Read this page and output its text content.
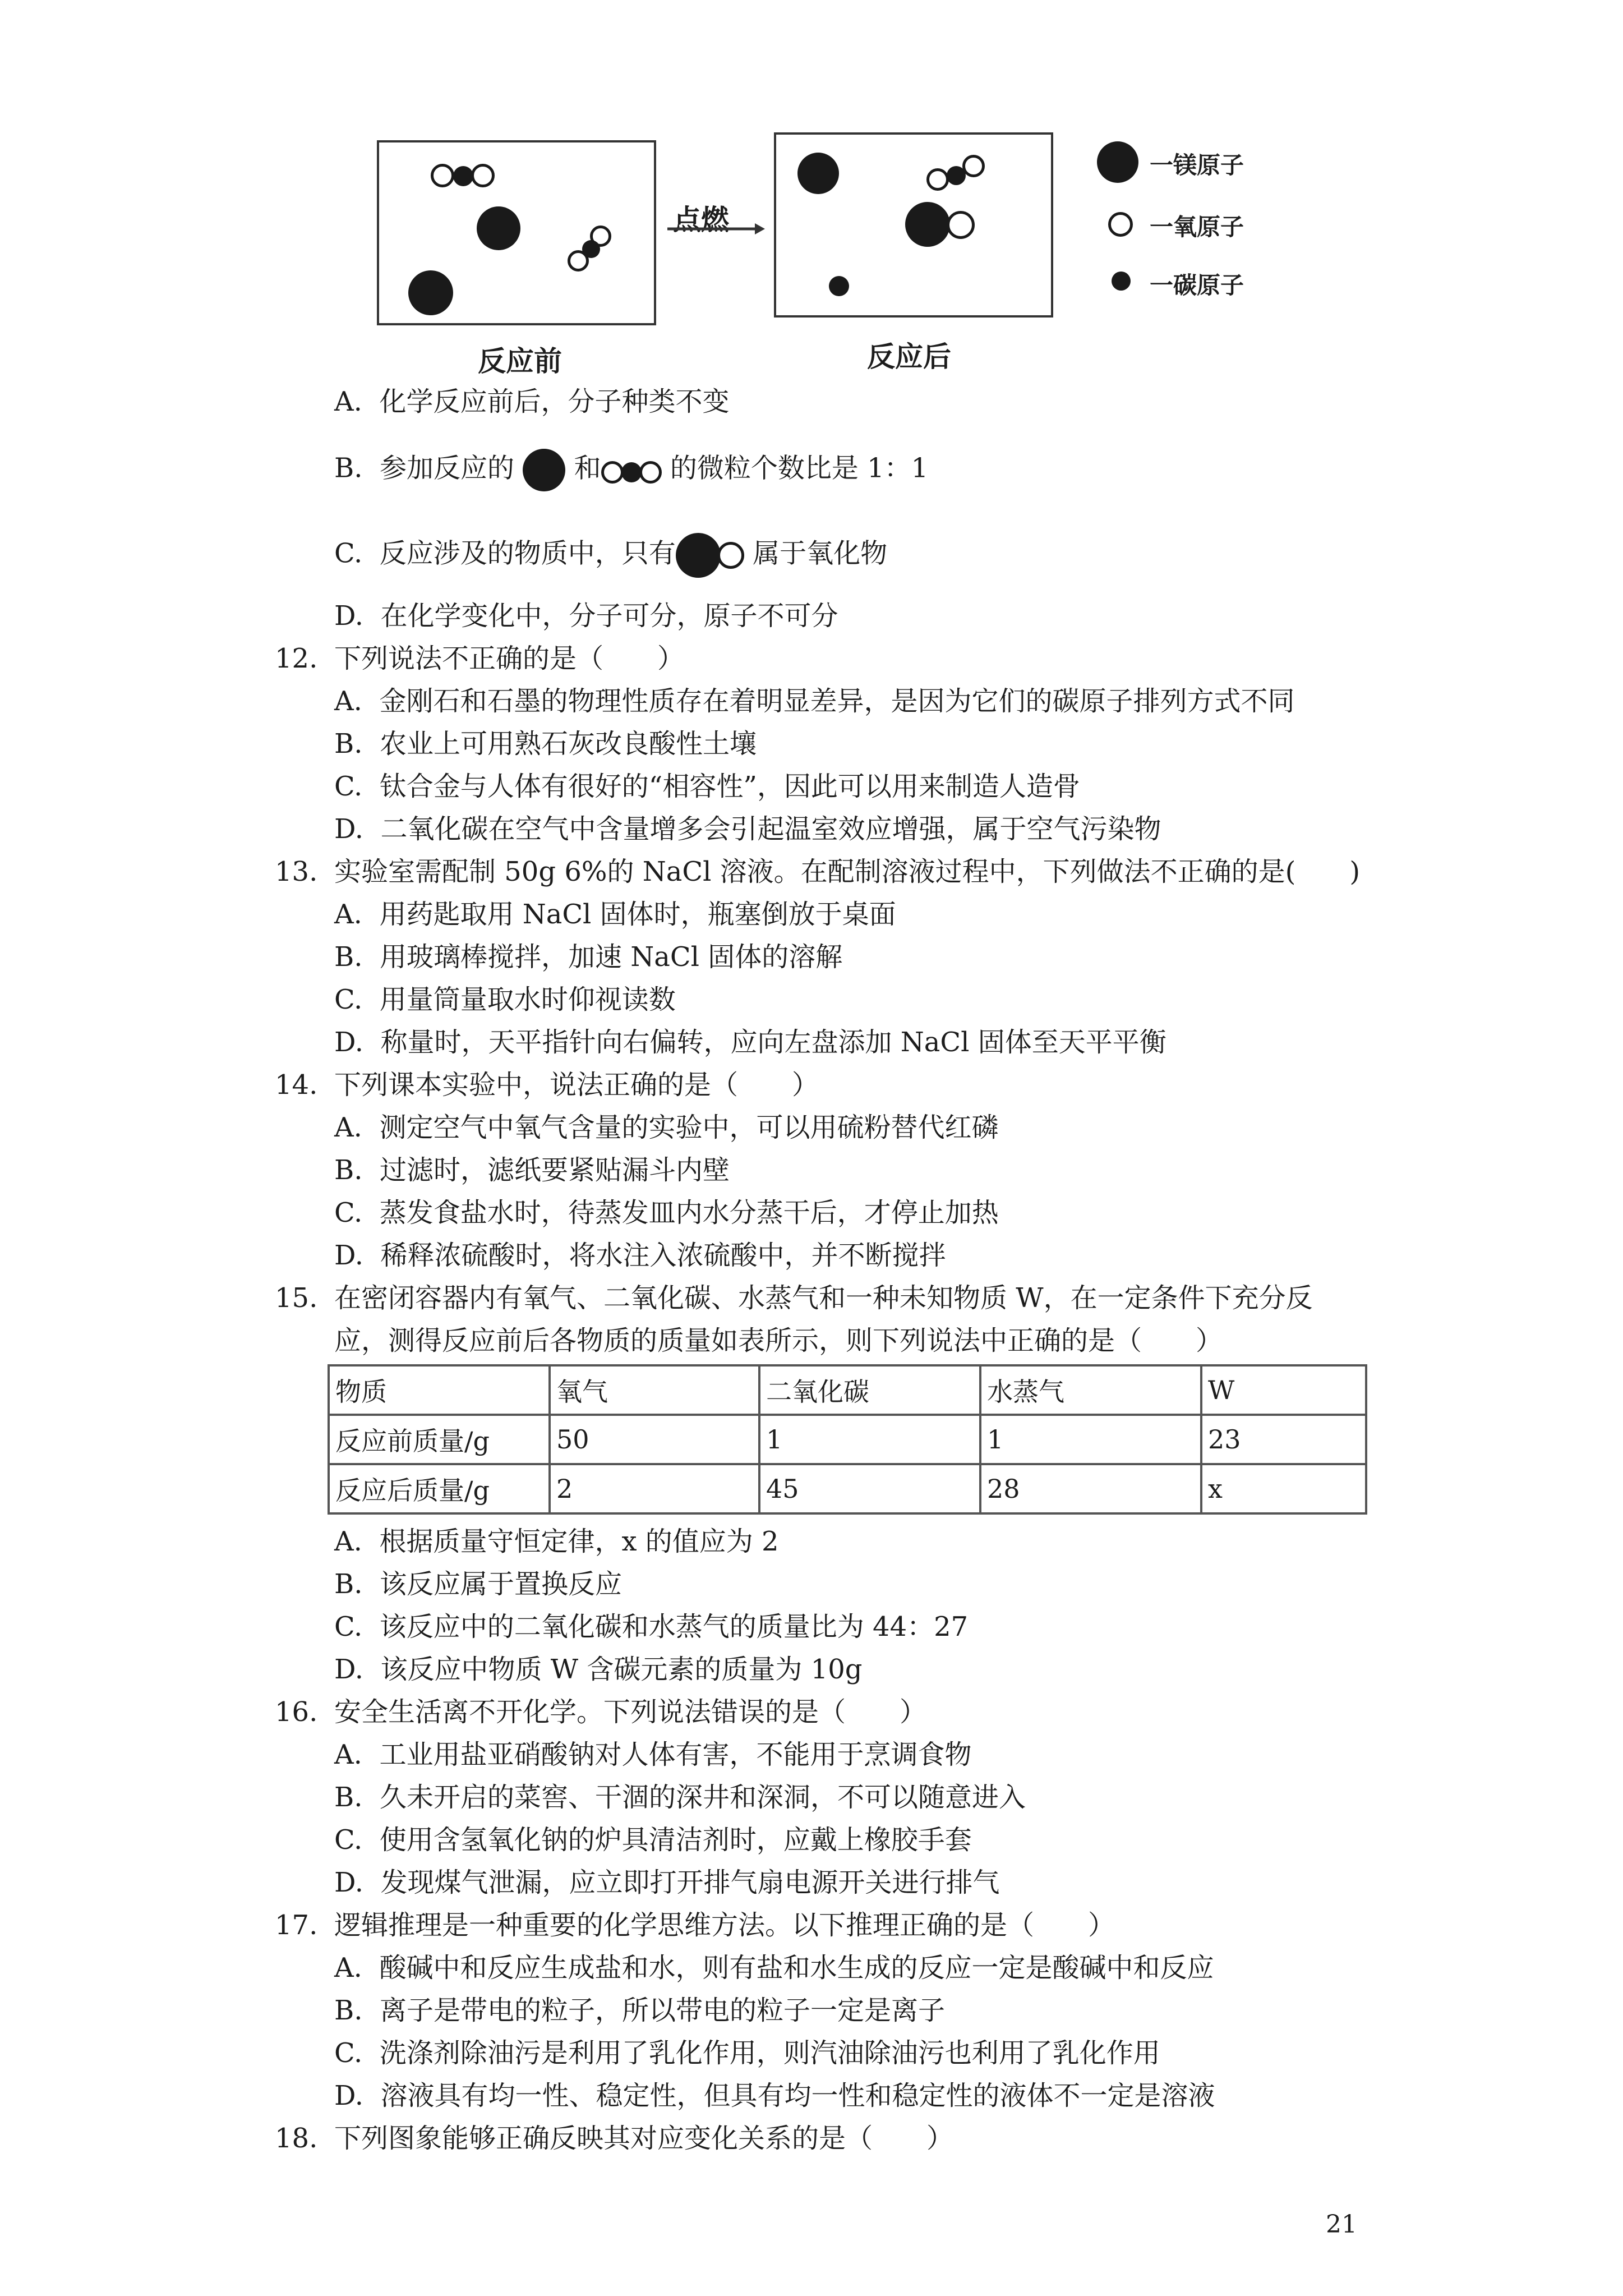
点燃
反应前	反应后
一镁原子
一氧原子
一碳原子
A. 化学反应前后，分子种类不变
B. 参加反应的 和	的微粒个数比是 1：1
C. 反应涉及的物质中，只有	属于氧化物
D. 在化学变化中，分子可分，原子不可分
12. 下列说法不正确的是（　　）
A. 金刚石和石墨的物理性质存在着明显差异，是因为它们的碳原子排列方式不同
B. 农业上可用熟石灰改良酸性土壤
C. 钛合金与人体有很好的“相容性”，因此可以用来制造人造骨
D. 二氧化碳在空气中含量增多会引起温室效应增强，属于空气污染物
13. 实验室需配制 50g 6%的 NaCl 溶液。在配制溶液过程中，下列做法不正确的是(　　)
A. 用药匙取用 NaCl 固体时，瓶塞倒放于桌面
B. 用玻璃棒搅拌，加速 NaCl 固体的溶解
C. 用量筒量取水时仰视读数
D. 称量时，天平指针向右偏转，应向左盘添加 NaCl 固体至天平平衡
14. 下列课本实验中，说法正确的是（　　）
A. 测定空气中氧气含量的实验中，可以用硫粉替代红磷
B. 过滤时，滤纸要紧贴漏斗内壁
C. 蒸发食盐水时，待蒸发皿内水分蒸干后，才停止加热
D. 稀释浓硫酸时，将水注入浓硫酸中，并不断搅拌
15. 在密闭容器内有氧气、二氧化碳、水蒸气和一种未知物质 W，在一定条件下充分反
应，测得反应前后各物质的质量如表所示，则下列说法中正确的是（　　）
物质	氧气	二氧化碳	水蒸气	W
反应前质量/g	50	1	1	23
反应后质量/g	2	45	28	x
A. 根据质量守恒定律，x 的值应为 2
B. 该反应属于置换反应
C. 该反应中的二氧化碳和水蒸气的质量比为 44：27
D. 该反应中物质 W 含碳元素的质量为 10g
16. 安全生活离不开化学。下列说法错误的是（　　）
A. 工业用盐亚硝酸钠对人体有害，不能用于烹调食物
B. 久未开启的菜窖、干涸的深井和深洞，不可以随意进入
C. 使用含氢氧化钠的炉具清洁剂时，应戴上橡胶手套
D. 发现煤气泄漏，应立即打开排气扇电源开关进行排气
17. 逻辑推理是一种重要的化学思维方法。以下推理正确的是（　　）
A. 酸碱中和反应生成盐和水，则有盐和水生成的反应一定是酸碱中和反应
B. 离子是带电的粒子，所以带电的粒子一定是离子
C. 洗涤剂除油污是利用了乳化作用，则汽油除油污也利用了乳化作用
D. 溶液具有均一性、稳定性，但具有均一性和稳定性的液体不一定是溶液
18. 下列图象能够正确反映其对应变化关系的是（　　）
21
